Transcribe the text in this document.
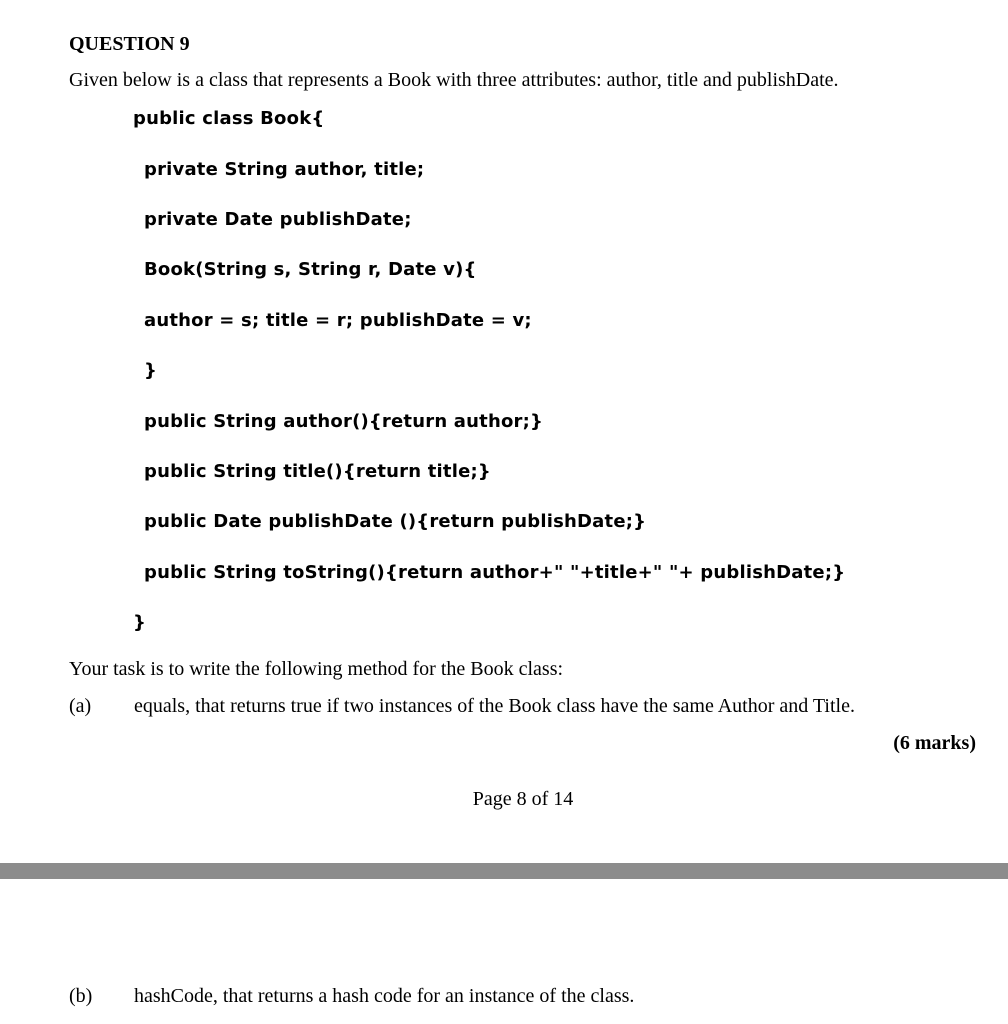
QUESTION 9
Given below is a class that represents a Book with three attributes: author, title and publishDate.
public class Book{
private String author, title;
private Date publishDate;
Book(String s, String r, Date v){
author = s; title = r; publishDate = v;
}
public String author(){return author;}
public String title(){return title;}
public Date publishDate (){return publishDate;}
public String toString(){return author+" "+title+" "+ publishDate;}
}
Your task is to write the following method for the Book class:
(a) equals, that returns true if two instances of the Book class have the same Author and Title.
(6 marks)
Page 8 of 14
(b) hashCode, that returns a hash code for an instance of the class.
